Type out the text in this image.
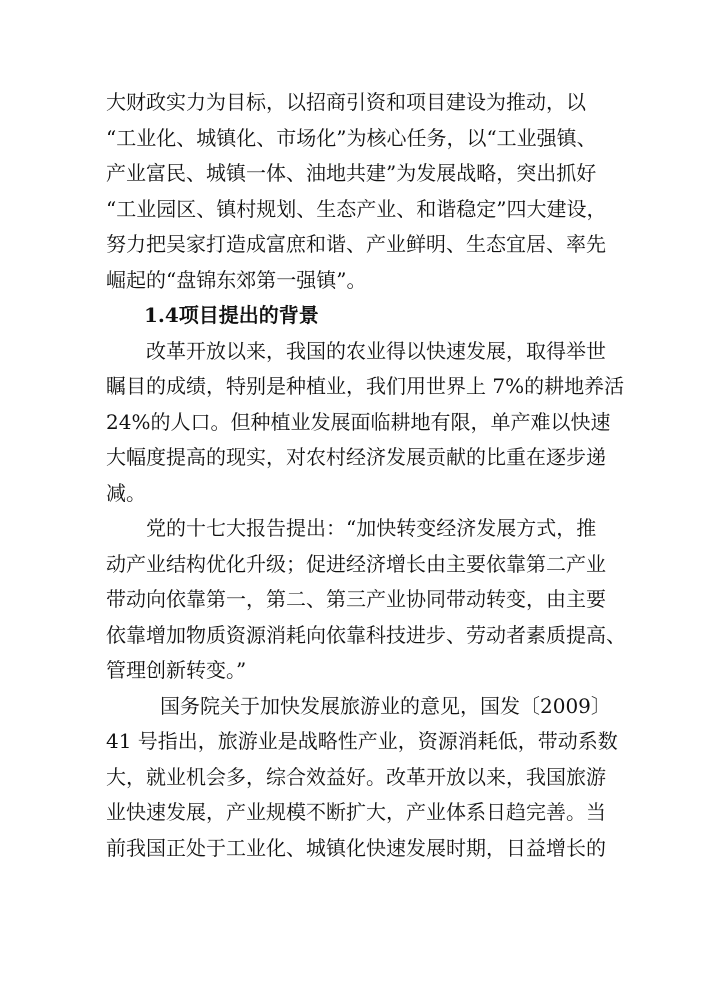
大财政实力为目标，以招商引资和项目建设为推动，以
“工业化、城镇化、市场化”为核心任务，以“工业强镇、
产业富民、城镇一体、油地共建”为发展战略，突出抓好
“工业园区、镇村规划、生态产业、和谐稳定”四大建设，
努力把吴家打造成富庶和谐、产业鲜明、生态宜居、率先
崛起的“盘锦东郊第一强镇”。
1.4项目提出的背景
改革开放以来，我国的农业得以快速发展，取得举世
瞩目的成绩，特别是种植业，我们用世界上 7%的耕地养活
24%的人口。但种植业发展面临耕地有限，单产难以快速
大幅度提高的现实，对农村经济发展贡献的比重在逐步递
减。
党的十七大报告提出：“加快转变经济发展方式，推
动产业结构优化升级；促进经济增长由主要依靠第二产业
带动向依靠第一，第二、第三产业协同带动转变，由主要
依靠增加物质资源消耗向依靠科技进步、劳动者素质提高、
管理创新转变。”
国务院关于加快发展旅游业的意见，国发〔2009〕
41 号指出，旅游业是战略性产业，资源消耗低，带动系数
大，就业机会多，综合效益好。改革开放以来，我国旅游
业快速发展，产业规模不断扩大，产业体系日趋完善。当
前我国正处于工业化、城镇化快速发展时期，日益增长的
